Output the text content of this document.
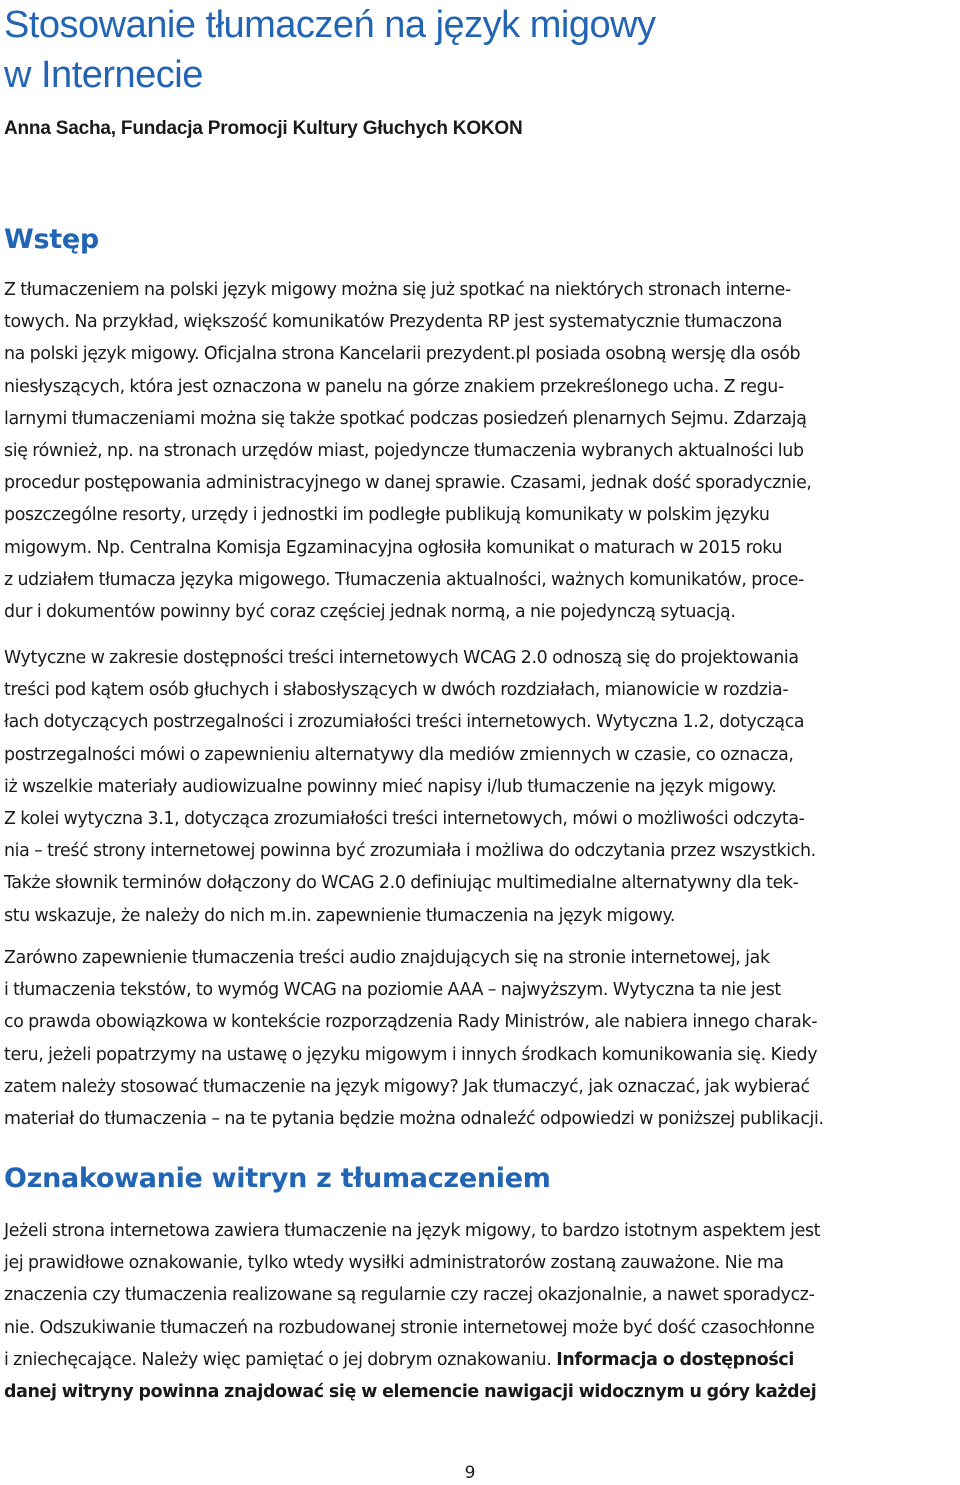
Stosowanie tłumaczeń na język migowy
w Internecie

Anna Sacha, Fundacja Promocji Kultury Głuchych KOKON

Wstęp
Z tłumaczeniem na polski język migowy można się już spotkać na niektórych stronach interne-
towych. Na przykład, większość komunikatów Prezydenta RP jest systematycznie tłumaczona
na polski język migowy. Oficjalna strona Kancelarii prezydent.pl posiada osobną wersję dla osób
niesłyszących, która jest oznaczona w panelu na górze znakiem przekreślonego ucha. Z regu-
larnymi tłumaczeniami można się także spotkać podczas posiedzeń plenarnych Sejmu. Zdarzają
się również, np. na stronach urzędów miast, pojedyncze tłumaczenia wybranych aktualności lub
procedur postępowania administracyjnego w danej sprawie. Czasami, jednak dość sporadycznie,
poszczególne resorty, urzędy i jednostki im podległe publikują komunikaty w polskim języku
migowym. Np. Centralna Komisja Egzaminacyjna ogłosiła komunikat o maturach w 2015 roku
z udziałem tłumacza języka migowego. Tłumaczenia aktualności, ważnych komunikatów, proce-
dur i dokumentów powinny być coraz częściej jednak normą, a nie pojedynczą sytuacją.
Wytyczne w zakresie dostępności treści internetowych WCAG 2.0 odnoszą się do projektowania
treści pod kątem osób głuchych i słabosłyszących w dwóch rozdziałach, mianowicie w rozdzia-
łach dotyczących postrzegalności i zrozumiałości treści internetowych. Wytyczna 1.2, dotycząca
postrzegalności mówi o zapewnieniu alternatywy dla mediów zmiennych w czasie, co oznacza,
iż wszelkie materiały audiowizualne powinny mieć napisy i/lub tłumaczenie na język migowy.
Z kolei wytyczna 3.1, dotycząca zrozumiałości treści internetowych, mówi o możliwości odczyta-
nia – treść strony internetowej powinna być zrozumiała i możliwa do odczytania przez wszystkich.
Także słownik terminów dołączony do WCAG 2.0 definiując multimedialne alternatywny dla tek-
stu wskazuje, że należy do nich m.in. zapewnienie tłumaczenia na język migowy.
Zarówno zapewnienie tłumaczenia treści audio znajdujących się na stronie internetowej, jak
i tłumaczenia tekstów, to wymóg WCAG na poziomie AAA – najwyższym. Wytyczna ta nie jest
co prawda obowiązkowa w kontekście rozporządzenia Rady Ministrów, ale nabiera innego charak-
teru, jeżeli popatrzymy na ustawę o języku migowym i innych środkach komunikowania się. Kiedy
zatem należy stosować tłumaczenie na język migowy? Jak tłumaczyć, jak oznaczać, jak wybierać
materiał do tłumaczenia – na te pytania będzie można odnaleźć odpowiedzi w poniższej publikacji.
Oznakowanie witryn z tłumaczeniem
Jeżeli strona internetowa zawiera tłumaczenie na język migowy, to bardzo istotnym aspektem jest
jej prawidłowe oznakowanie, tylko wtedy wysiłki administratorów zostaną zauważone. Nie ma
znaczenia czy tłumaczenia realizowane są regularnie czy raczej okazjonalnie, a nawet sporadycz-
nie. Odszukiwanie tłumaczeń na rozbudowanej stronie internetowej może być dość czasochłonne
i zniechęcające. Należy więc pamiętać o jej dobrym oznakowaniu. Informacja o dostępności
danej witryny powinna znajdować się w elemencie nawigacji widocznym u góry każdej
9
